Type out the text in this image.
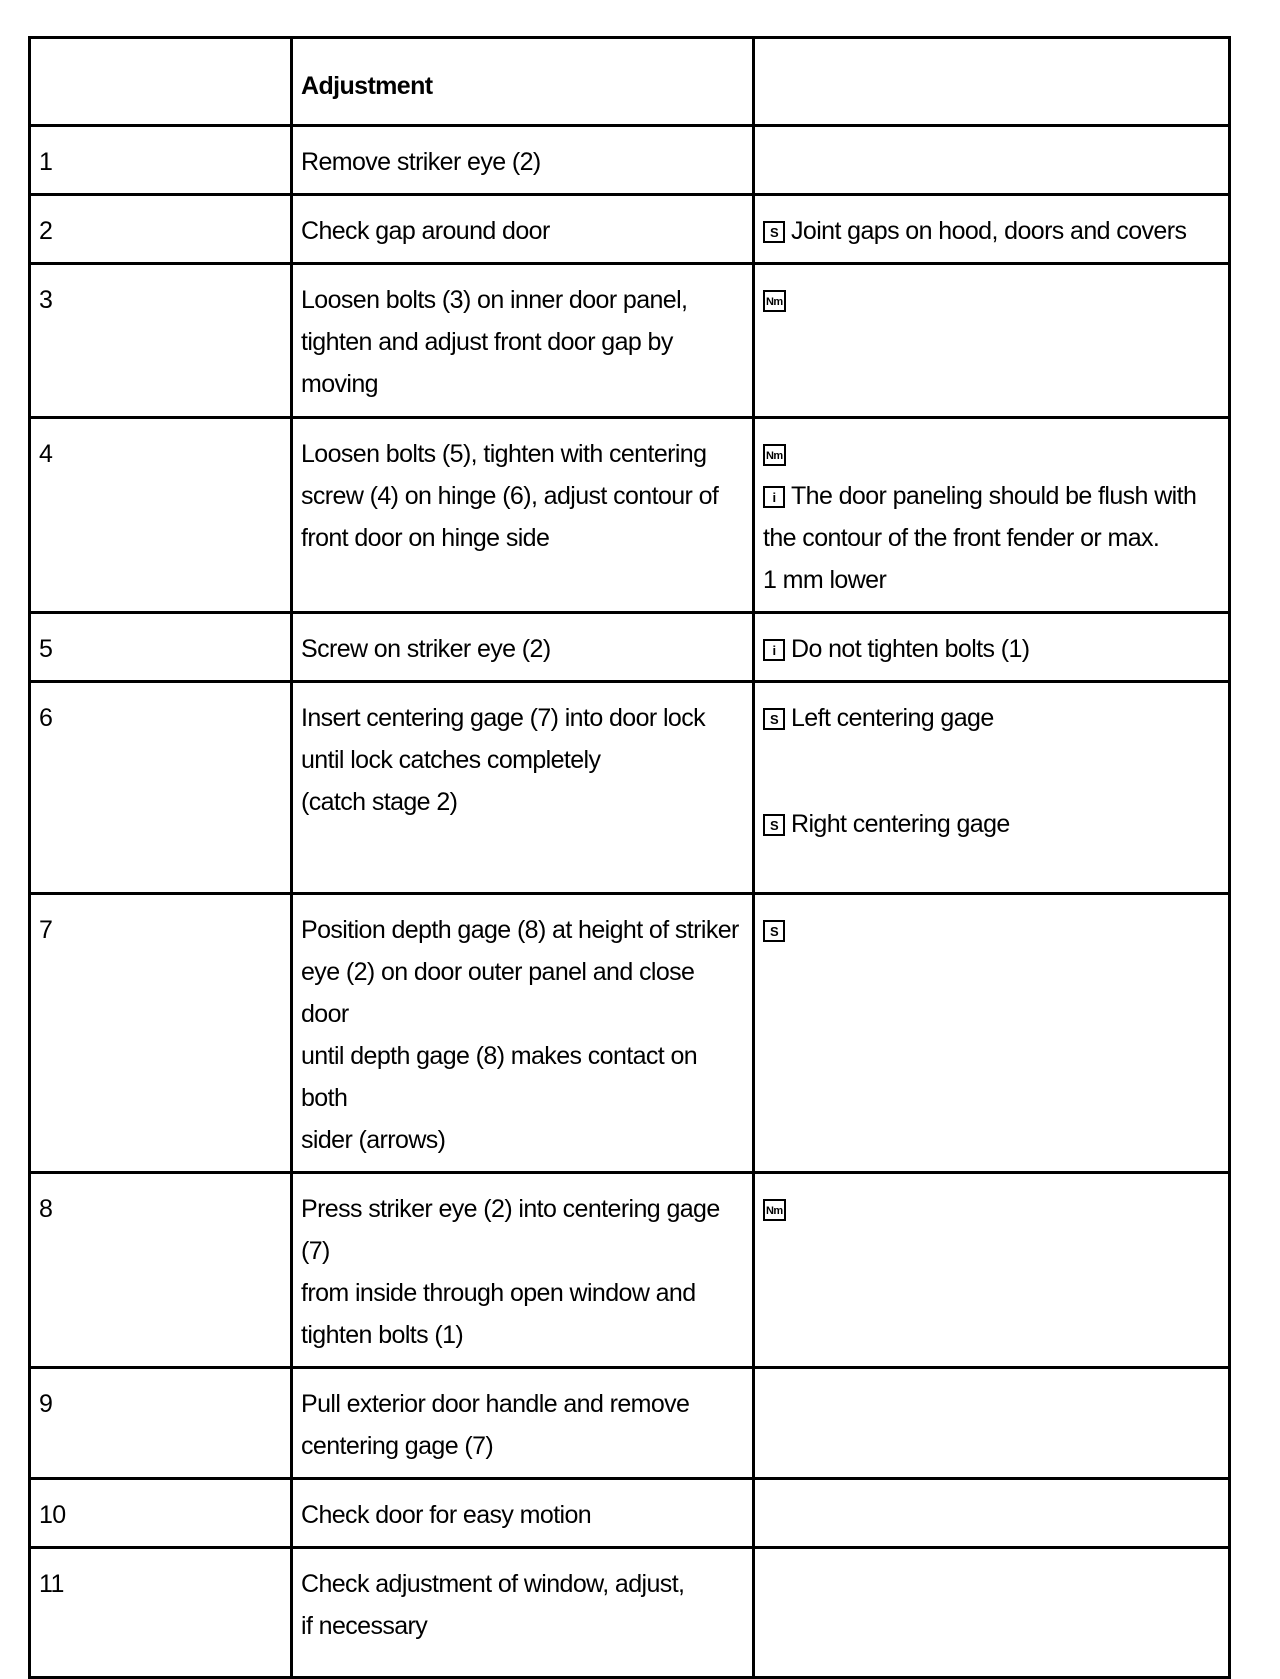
	Adjustment	

1	Remove striker eye (2)	

2	Check gap around door	S Joint gaps on hood, doors and covers

3	Loosen bolts (3) on inner door panel,
tighten and adjust front door gap by
moving	Nm

4	Loosen bolts (5), tighten with centering
screw (4) on hinge (6), adjust contour of
front door on hinge side	Nm
i The door paneling should be flush with
the contour of the front fender or max.
1 mm lower

5	Screw on striker eye (2)	i Do not tighten bolts (1)

6	Insert centering gage (7) into door lock
until lock catches completely
(catch stage 2)	S Left centering gage
S Right centering gage

7	Position depth gage (8) at height of striker
eye (2) on door outer panel and close door
until depth gage (8) makes contact on both
sider (arrows)	S

8	Press striker eye (2) into centering gage (7)
from inside through open window and
tighten bolts (1)	Nm

9	Pull exterior door handle and remove
centering gage (7)	

10	Check door for easy motion	

11	Check adjustment of window, adjust,
if necessary	
